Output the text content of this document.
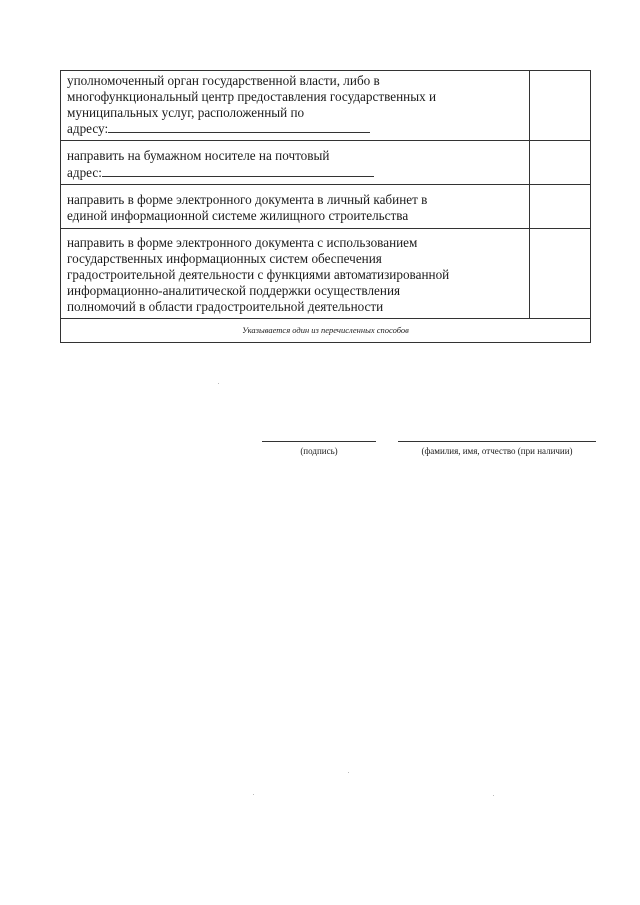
уполномоченный орган государственной власти, либо в
многофункциональный центр предоставления государственных и
муниципальных услуг, расположенный по
адресу:
направить на бумажном носителе на почтовый
адрес:
направить в форме электронного документа в личный кабинет в
единой информационной системе жилищного строительства
направить в форме электронного документа с использованием
государственных информационных систем обеспечения
градостроительной деятельности с функциями автоматизированной
информационно-аналитической поддержки осуществления
полномочий в области градостроительной деятельности
Указывается один из перечисленных способов
(подпись)	(фамилия, имя, отчество (при наличии)
